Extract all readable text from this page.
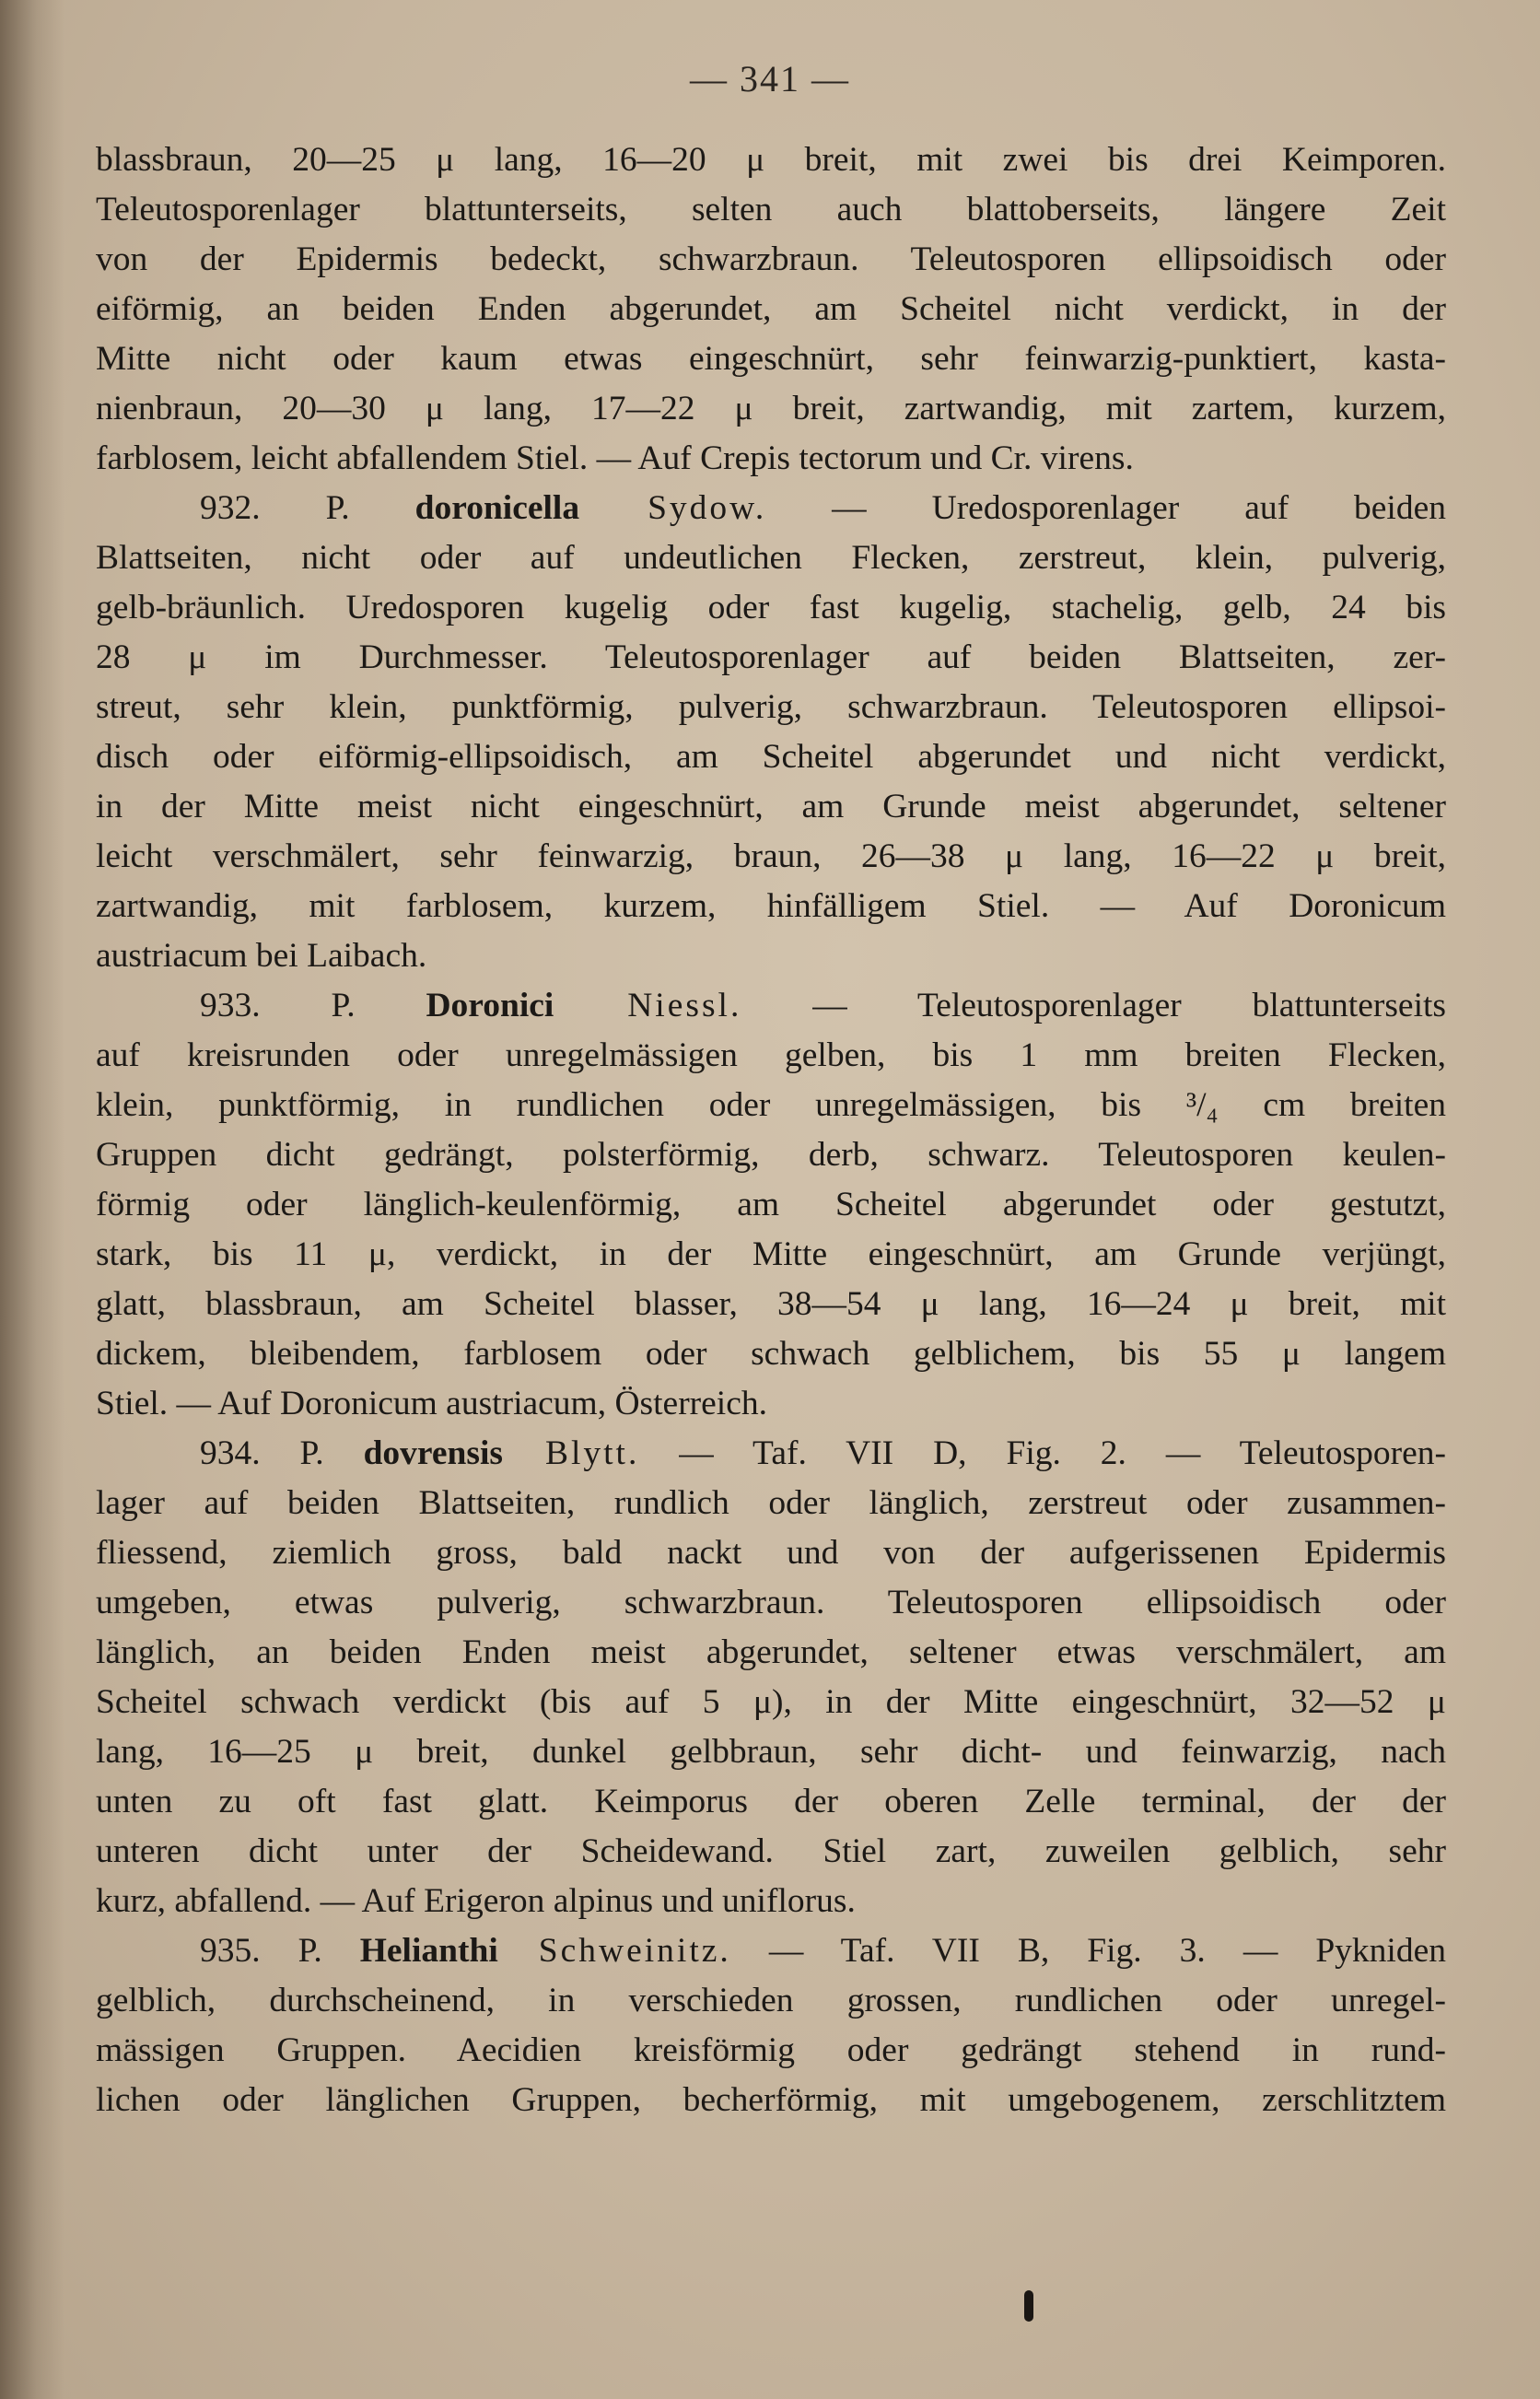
— 341 —
blassbraun, 20—25 μ lang, 16—20 μ breit, mit zwei bis drei Keimporen.
Teleutosporenlager blattunterseits, selten auch blattoberseits, längere Zeit
von der Epidermis bedeckt, schwarzbraun. Teleutosporen ellipsoidisch oder
eiförmig, an beiden Enden abgerundet, am Scheitel nicht verdickt, in der
Mitte nicht oder kaum etwas eingeschnürt, sehr feinwarzig-punktiert, kasta-
nienbraun, 20—30 μ lang, 17—22 μ breit, zartwandig, mit zartem, kurzem,
farblosem, leicht abfallendem Stiel. — Auf Crepis tectorum und Cr. virens.
932. P. doronicella Sydow. — Uredosporenlager auf beiden
Blattseiten, nicht oder auf undeutlichen Flecken, zerstreut, klein, pulverig,
gelb-bräunlich. Uredosporen kugelig oder fast kugelig, stachelig, gelb, 24 bis
28 μ im Durchmesser. Teleutosporenlager auf beiden Blattseiten, zer-
streut, sehr klein, punktförmig, pulverig, schwarzbraun. Teleutosporen ellipsoi-
disch oder eiförmig-ellipsoidisch, am Scheitel abgerundet und nicht verdickt,
in der Mitte meist nicht eingeschnürt, am Grunde meist abgerundet, seltener
leicht verschmälert, sehr feinwarzig, braun, 26—38 μ lang, 16—22 μ breit,
zartwandig, mit farblosem, kurzem, hinfälligem Stiel. — Auf Doronicum
austriacum bei Laibach.
933. P. Doronici Niessl. — Teleutosporenlager blattunterseits
auf kreisrunden oder unregelmässigen gelben, bis 1 mm breiten Flecken,
klein, punktförmig, in rundlichen oder unregelmässigen, bis ³/₄ cm breiten
Gruppen dicht gedrängt, polsterförmig, derb, schwarz. Teleutosporen keulen-
förmig oder länglich-keulenförmig, am Scheitel abgerundet oder gestutzt,
stark, bis 11 μ, verdickt, in der Mitte eingeschnürt, am Grunde verjüngt,
glatt, blassbraun, am Scheitel blasser, 38—54 μ lang, 16—24 μ breit, mit
dickem, bleibendem, farblosem oder schwach gelblichem, bis 55 μ langem
Stiel. — Auf Doronicum austriacum, Österreich.
934. P. dovrensis Blytt. — Taf. VII D, Fig. 2. — Teleutosporen-
lager auf beiden Blattseiten, rundlich oder länglich, zerstreut oder zusammen-
fliessend, ziemlich gross, bald nackt und von der aufgerissenen Epidermis
umgeben, etwas pulverig, schwarzbraun. Teleutosporen ellipsoidisch oder
länglich, an beiden Enden meist abgerundet, seltener etwas verschmälert, am
Scheitel schwach verdickt (bis auf 5 μ), in der Mitte eingeschnürt, 32—52 μ
lang, 16—25 μ breit, dunkel gelbbraun, sehr dicht- und feinwarzig, nach
unten zu oft fast glatt. Keimporus der oberen Zelle terminal, der der
unteren dicht unter der Scheidewand. Stiel zart, zuweilen gelblich, sehr
kurz, abfallend. — Auf Erigeron alpinus und uniflorus.
935. P. Helianthi Schweinitz. — Taf. VII B, Fig. 3. — Pykniden
gelblich, durchscheinend, in verschieden grossen, rundlichen oder unregel-
mässigen Gruppen. Aecidien kreisförmig oder gedrängt stehend in rund-
lichen oder länglichen Gruppen, becherförmig, mit umgebogenem, zerschlitztem
